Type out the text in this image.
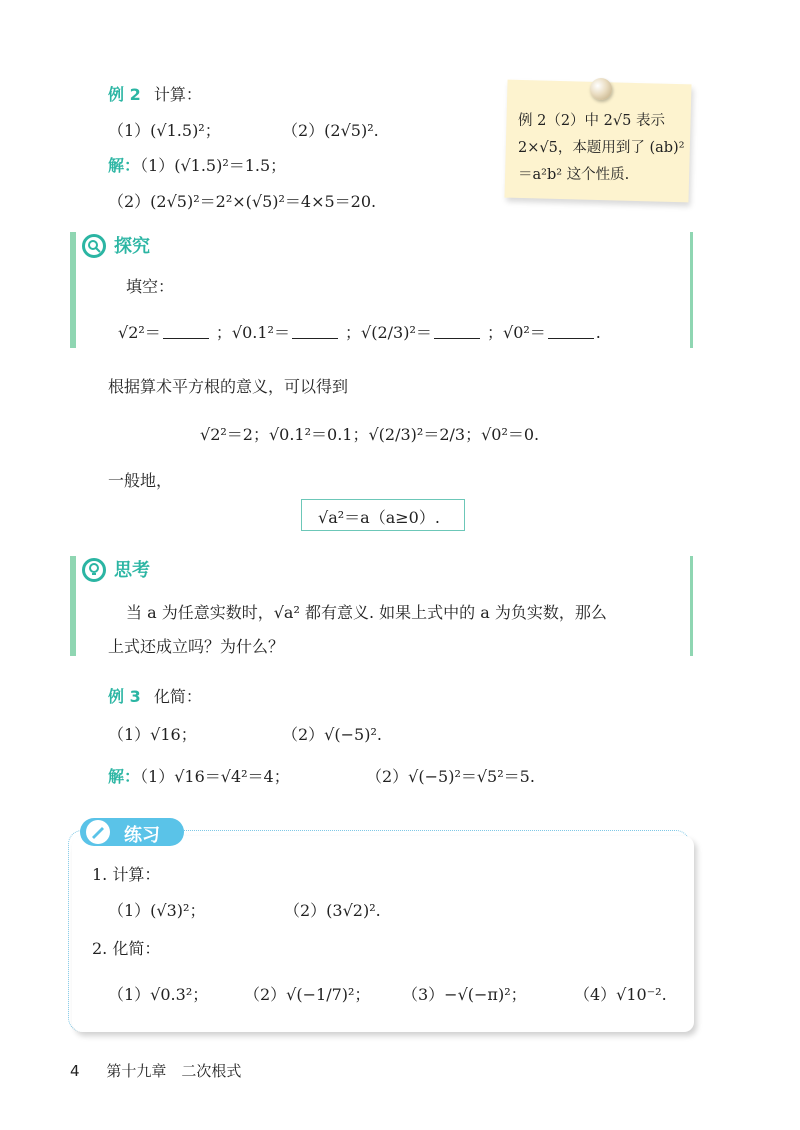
例 2 计算：
（1）(√1.5)²；	（2）(2√5)².
解：（1）(√1.5)²＝1.5；
（2）(2√5)²＝2²×(√5)²＝4×5＝20.
例 2（2）中 2√5 表示 2×√5，本题用到了 (ab)²＝a²b² 这个性质.
探究
填空：
√2²＝	；√0.1²＝	；√(2/3)²＝	；√0²＝	.
根据算术平方根的意义，可以得到
√2²＝2；√0.1²＝0.1；√(2/3)²＝2/3；√0²＝0.
一般地，
√a²＝a（a≥0）.
思考
当 a 为任意实数时，√a² 都有意义. 如果上式中的 a 为负实数，那么
上式还成立吗？为什么？
例 3 化简：
（1）√16；	（2）√(−5)².
解：（1）√16＝√4²＝4；	（2）√(−5)²＝√5²＝5.
练习
1. 计算：
（1）(√3)²；	（2）(3√2)².
2. 化简：
（1）√0.3²； （2）√(−1/7)²； （3）−√(−π)²；	（4）√10⁻².
4 第十九章　二次根式
